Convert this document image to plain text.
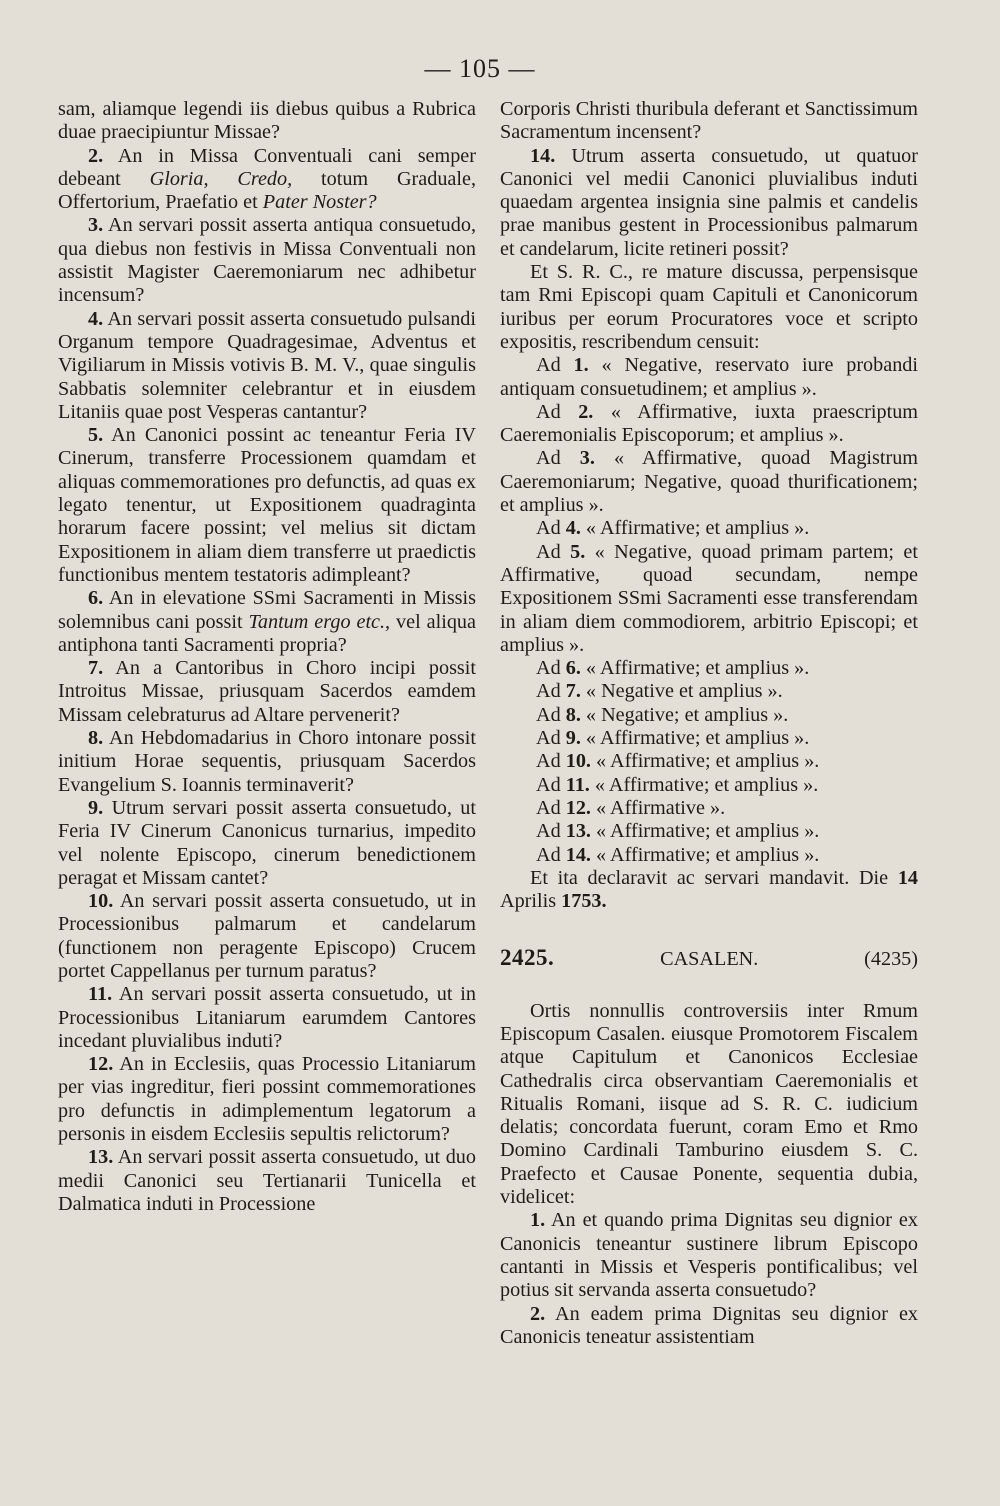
— 105 —

sam, aliamque legendi iis diebus quibus a Rubrica duae praecipiuntur Missae?

2. An in Missa Conventuali cani semper debeant Gloria, Credo, totum Graduale, Offertorium, Praefatio et Pater Noster?

3. An servari possit asserta antiqua consuetudo, qua diebus non festivis in Missa Conventuali non assistit Magister Caeremoniarum nec adhibetur incensum?

4. An servari possit asserta consuetudo pulsandi Organum tempore Quadragesimae, Adventus et Vigiliarum in Missis votivis B. M. V., quae singulis Sabbatis solemniter celebrantur et in eiusdem Litaniis quae post Vesperas cantantur?

5. An Canonici possint ac teneantur Feria IV Cinerum, transferre Processionem quamdam et aliquas commemorationes pro defunctis, ad quas ex legato tenentur, ut Expositionem quadraginta horarum facere possint; vel melius sit dictam Expositionem in aliam diem transferre ut praedictis functionibus mentem testatoris adimpleant?

6. An in elevatione SSmi Sacramenti in Missis solemnibus cani possit Tantum ergo etc., vel aliqua antiphona tanti Sacramenti propria?

7. An a Cantoribus in Choro incipi possit Introitus Missae, priusquam Sacerdos eamdem Missam celebraturus ad Altare pervenerit?

8. An Hebdomadarius in Choro intonare possit initium Horae sequentis, priusquam Sacerdos Evangelium S. Ioannis terminaverit?

9. Utrum servari possit asserta consuetudo, ut Feria IV Cinerum Canonicus turnarius, impedito vel nolente Episcopo, cinerum benedictionem peragat et Missam cantet?

10. An servari possit asserta consuetudo, ut in Processionibus palmarum et candelarum (functionem non peragente Episcopo) Crucem portet Cappellanus per turnum paratus?

11. An servari possit asserta consuetudo, ut in Processionibus Litaniarum earumdem Cantores incedant pluvialibus induti?

12. An in Ecclesiis, quas Processio Litaniarum per vias ingreditur, fieri possint commemorationes pro defunctis in adimplementum legatorum a personis in eisdem Ecclesiis sepultis relictorum?

13. An servari possit asserta consuetudo, ut duo medii Canonici seu Tertianarii Tunicella et Dalmatica induti in Processione

Corporis Christi thuribula deferant et Sanctissimum Sacramentum incensent?

14. Utrum asserta consuetudo, ut quatuor Canonici vel medii Canonici pluvialibus induti quaedam argentea insignia sine palmis et candelis prae manibus gestent in Processionibus palmarum et candelarum, licite retineri possit?

Et S. R. C., re mature discussa, perpensisque tam Rmi Episcopi quam Capituli et Canonicorum iuribus per eorum Procuratores voce et scripto expositis, rescribendum censuit:

Ad 1. « Negative, reservato iure probandi antiquam consuetudinem; et amplius ».

Ad 2. « Affirmative, iuxta praescriptum Caeremonialis Episcoporum; et amplius ».

Ad 3. « Affirmative, quoad Magistrum Caeremoniarum; Negative, quoad thurificationem; et amplius ».

Ad 4. « Affirmative; et amplius ».

Ad 5. « Negative, quoad primam partem; et Affirmative, quoad secundam, nempe Expositionem SSmi Sacramenti esse transferendam in aliam diem commodiorem, arbitrio Episcopi; et amplius ».

Ad 6. « Affirmative; et amplius ».

Ad 7. « Negative et amplius ».

Ad 8. « Negative; et amplius ».

Ad 9. « Affirmative; et amplius ».

Ad 10. « Affirmative; et amplius ».

Ad 11. « Affirmative; et amplius ».

Ad 12. « Affirmative ».

Ad 13. « Affirmative; et amplius ».

Ad 14. « Affirmative; et amplius ».

Et ita declaravit ac servari mandavit. Die 14 Aprilis 1753.

2425.	CASALEN.	(4235)

Ortis nonnullis controversiis inter Rmum Episcopum Casalen. eiusque Promotorem Fiscalem atque Capitulum et Canonicos Ecclesiae Cathedralis circa observantiam Caeremonialis et Ritualis Romani, iisque ad S. R. C. iudicium delatis; concordata fuerunt, coram Emo et Rmo Domino Cardinali Tamburino eiusdem S. C. Praefecto et Causae Ponente, sequentia dubia, videlicet:

1. An et quando prima Dignitas seu dignior ex Canonicis teneantur sustinere librum Episcopo cantanti in Missis et Vesperis pontificalibus; vel potius sit servanda asserta consuetudo?

2. An eadem prima Dignitas seu dignior ex Canonicis teneatur assistentiam
